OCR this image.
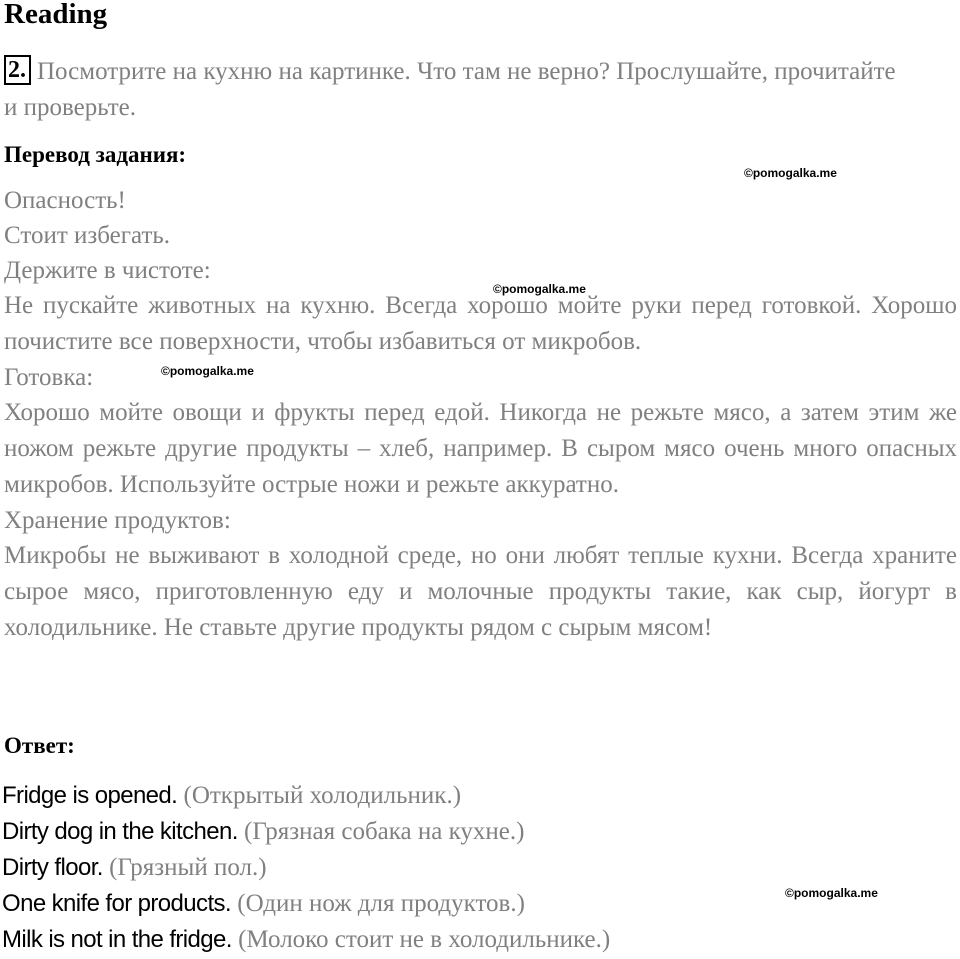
Reading
2. Посмотрите на кухню на картинке. Что там не верно? Прослушайте, прочитайте и проверьте.
Перевод задания:

Опасность!

Стоит избегать.

Держите в чистоте:

Не пускайте животных на кухню. Всегда хорошо мойте руки перед готовкой. Хорошо почистите все поверхности, чтобы избавиться от микробов.

Готовка:

Хорошо мойте овощи и фрукты перед едой. Никогда не режьте мясо, а затем этим же ножом режьте другие продукты – хлеб, например. В сыром мясо очень много опасных микробов. Используйте острые ножи и режьте аккуратно.

Хранение продуктов:

Микробы не выживают в холодной среде, но они любят теплые кухни. Всегда храните сырое мясо, приготовленную еду и молочные продукты такие, как сыр, йогурт в холодильнике. Не ставьте другие продукты рядом с сырым мясом!

Ответ:
Fridge is opened. (Открытый холодильник.)
Dirty dog in the kitchen. (Грязная собака на кухне.)
Dirty floor. (Грязный пол.)
One knife for products. (Один нож для продуктов.)
Milk is not in the fridge. (Молоко стоит не в холодильнике.)
©pomogalka.me
©pomogalka.me
©pomogalka.me
©pomogalka.me
